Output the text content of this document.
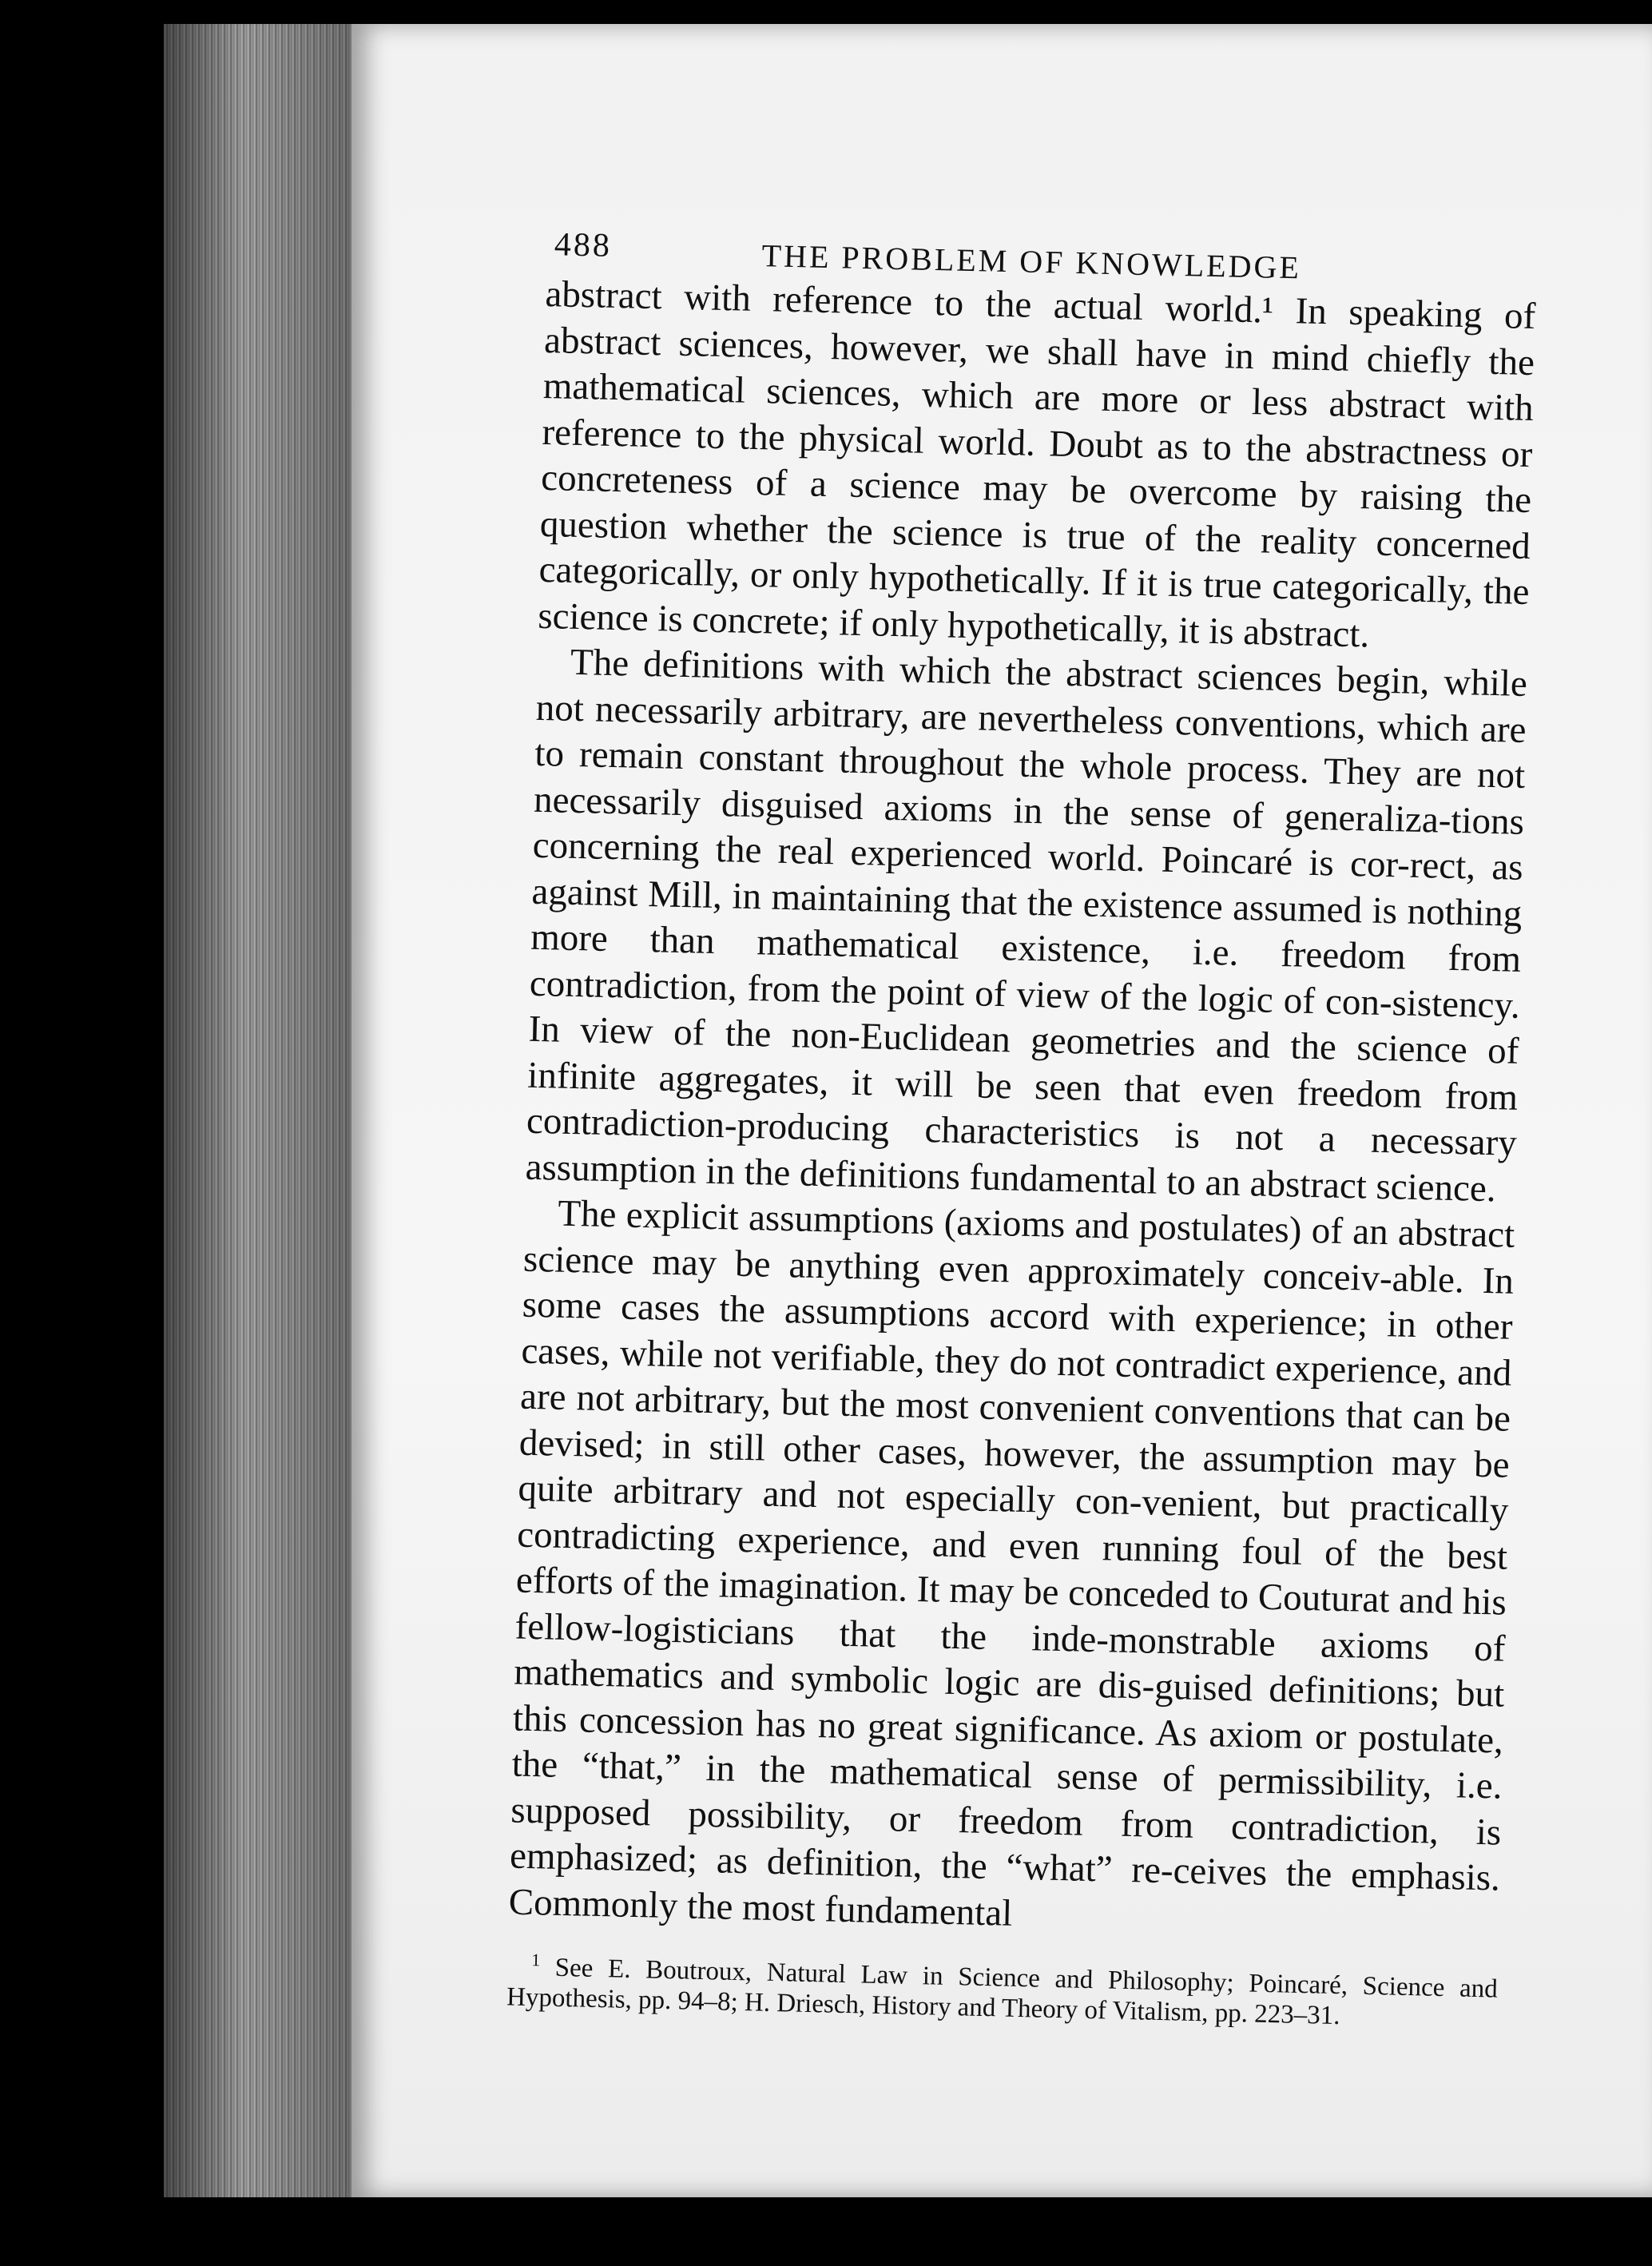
488	THE PROBLEM OF KNOWLEDGE

abstract with reference to the actual world.¹ In speaking of abstract sciences, however, we shall have in mind chiefly the mathematical sciences, which are more or less abstract with reference to the physical world. Doubt as to the abstractness or concreteness of a science may be overcome by raising the question whether the science is true of the reality concerned categorically, or only hypothetically. If it is true categorically, the science is concrete; if only hypothetically, it is abstract.

The definitions with which the abstract sciences begin, while not necessarily arbitrary, are nevertheless conventions, which are to remain constant throughout the whole process. They are not necessarily disguised axioms in the sense of generaliza-tions concerning the real experienced world. Poincaré is cor-rect, as against Mill, in maintaining that the existence assumed is nothing more than mathematical existence, i.e. freedom from contradiction, from the point of view of the logic of con-sistency. In view of the non-Euclidean geometries and the science of infinite aggregates, it will be seen that even freedom from contradiction-producing characteristics is not a necessary assumption in the definitions fundamental to an abstract science.

The explicit assumptions (axioms and postulates) of an abstract science may be anything even approximately conceiv-able. In some cases the assumptions accord with experience; in other cases, while not verifiable, they do not contradict experience, and are not arbitrary, but the most convenient conventions that can be devised; in still other cases, however, the assumption may be quite arbitrary and not especially con-venient, but practically contradicting experience, and even running foul of the best efforts of the imagination. It may be conceded to Couturat and his fellow-logisticians that the inde-monstrable axioms of mathematics and symbolic logic are dis-guised definitions; but this concession has no great significance. As axiom or postulate, the “that,” in the mathematical sense of permissibility, i.e. supposed possibility, or freedom from contradiction, is emphasized; as definition, the “what” re-ceives the emphasis. Commonly the most fundamental

$^1$ See E. Boutroux, Natural Law in Science and Philosophy; Poincaré, Science and Hypothesis, pp. 94–8; H. Driesch, History and Theory of Vitalism, pp. 223–31.
